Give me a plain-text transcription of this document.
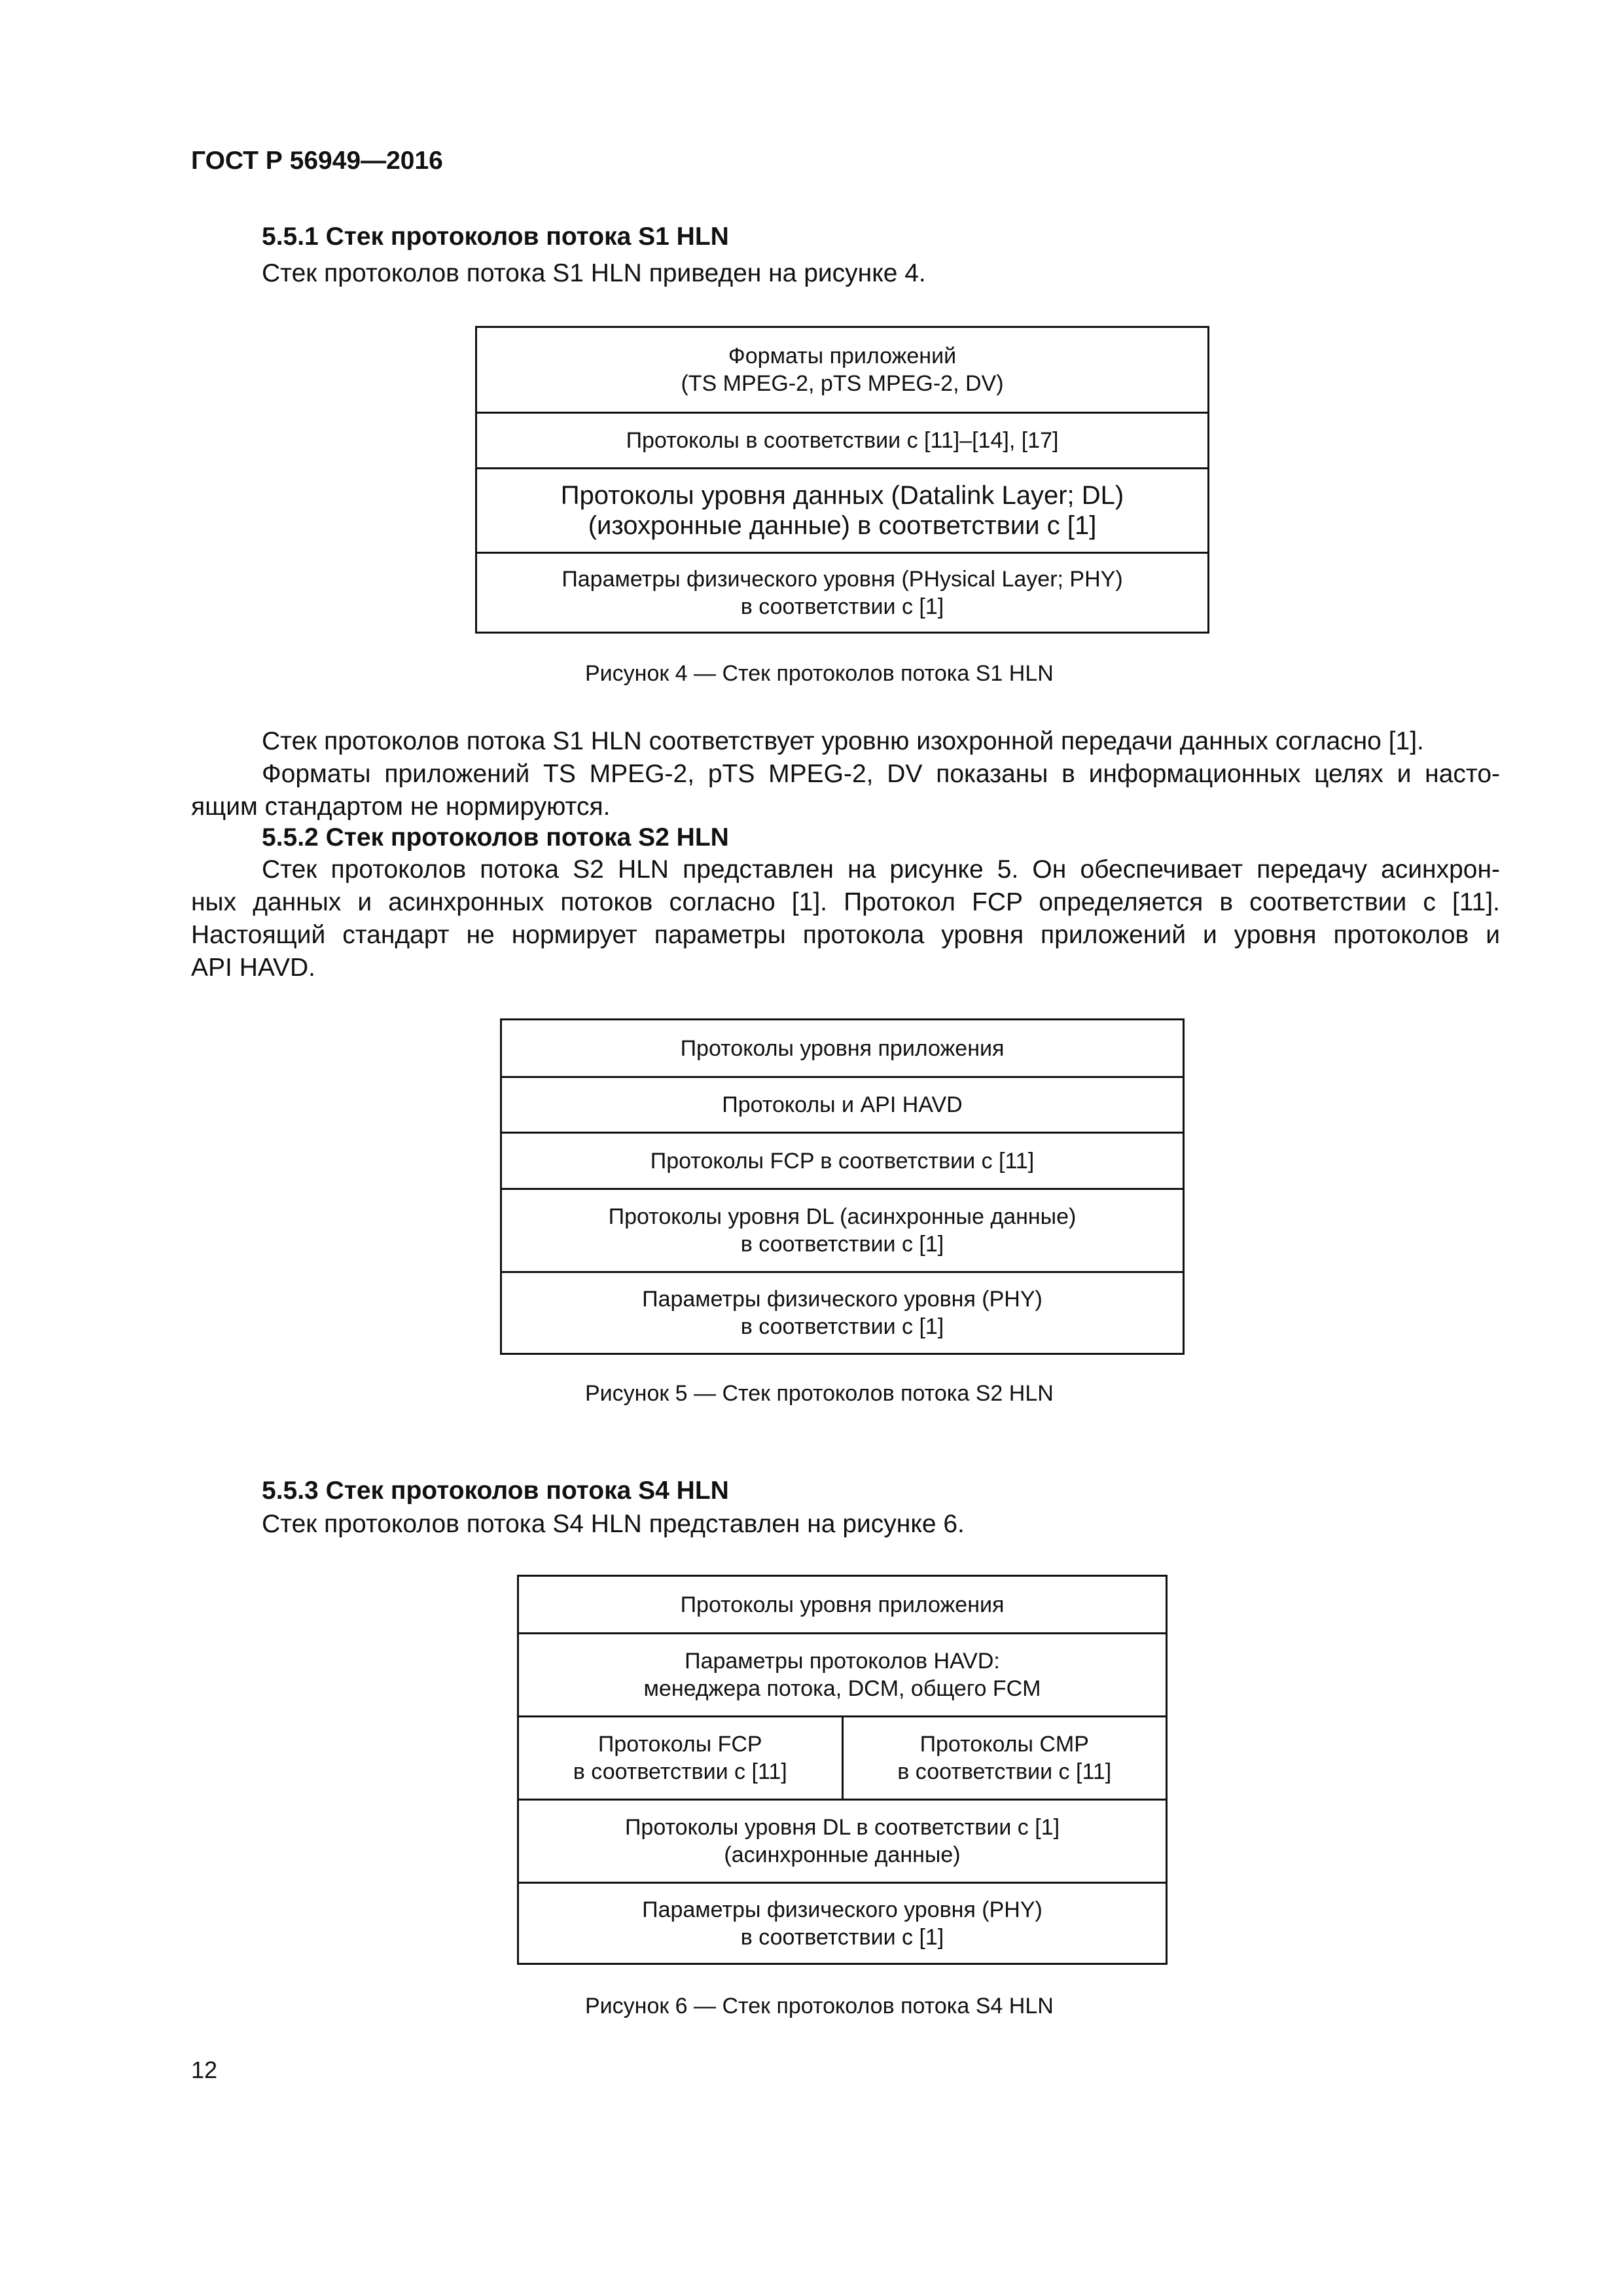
ГОСТ Р 56949—2016
5.5.1 Стек протоколов потока S1 HLN
Стек протоколов потока S1 HLN приведен на рисунке 4.
Форматы приложений
(TS MPEG-2, pTS MPEG-2, DV)
Протоколы в соответствии с [11]–[14], [17]
Протоколы уровня данных (Datalink Layer; DL)
(изохронные данные) в соответствии с [1]
Параметры физического уровня (PHysical Layer; PHY)
в соответствии с [1]
Рисунок 4 — Стек протоколов потока S1 HLN
Стек протоколов потока S1 HLN соответствует уровню изохронной передачи данных согласно [1].
Форматы приложений TS MPEG-2, pTS MPEG-2, DV показаны в информационных целях и насто-
ящим стандартом не нормируются.
5.5.2 Стек протоколов потока S2 HLN
Стек протоколов потока S2 HLN представлен на рисунке 5. Он обеспечивает передачу асинхрон-
ных данных и асинхронных потоков согласно [1]. Протокол FCP определяется в соответствии с [11].
Настоящий стандарт не нормирует параметры протокола уровня приложений и уровня протоколов и
API HAVD.
Протоколы уровня приложения
Протоколы и API HAVD
Протоколы FCP в соответствии с [11]
Протоколы уровня DL (асинхронные данные)
в соответствии с [1]
Параметры физического уровня (PHY)
в соответствии с [1]
Рисунок 5 — Стек протоколов потока S2 HLN
5.5.3 Стек протоколов потока S4 HLN
Стек протоколов потока S4 HLN представлен на рисунке 6.
Протоколы уровня приложения
Параметры протоколов HAVD:
менеджера потока, DCM, общего FCM
Протоколы FCP
в соответствии с [11]
Протоколы CMP
в соответствии с [11]
Протоколы уровня DL в соответствии с [1]
(асинхронные данные)
Параметры физического уровня (PHY)
в соответствии с [1]
Рисунок 6 — Стек протоколов потока S4 HLN
12
